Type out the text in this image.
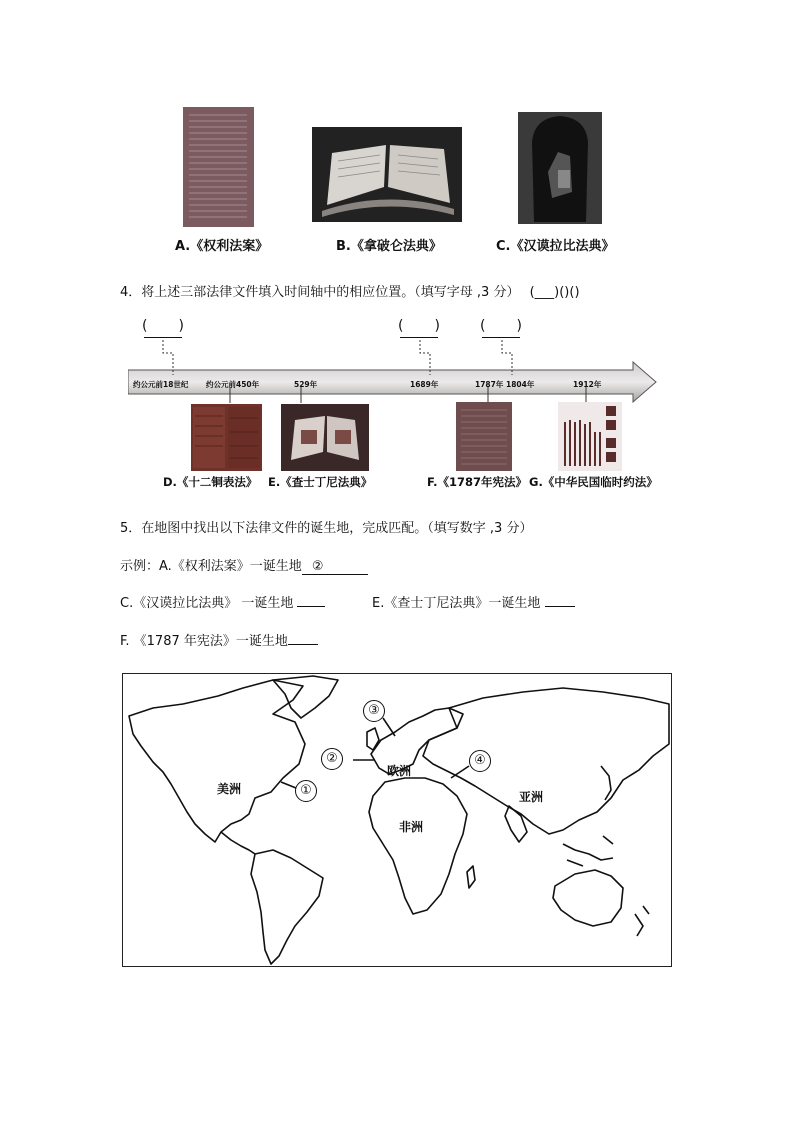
A.《权利法案》	B.《拿破仑法典》	C.《汉谟拉比法典》
4．将上述三部法律文件填入时间轴中的相应位置。（填写字母 ,3 分） (___)()()
约公元前18世纪 约公元前450年	529年	1689年	1787年 1804年	1912年
( )
( )
( )
D.《十二铜表法》 E.《查士丁尼法典》	F.《1787年宪法》 G.《中华民国临时约法》
5．在地图中找出以下法律文件的诞生地，完成匹配。（填写数字 ,3 分）
示例：A.《权利法案》一诞生地 ②
C.《汉谟拉比法典》 一诞生地	E.《查士丁尼法典》一诞生地
F. 《1787 年宪法》一诞生地
美洲
欧洲
非洲
亚洲
①
②
③
④
